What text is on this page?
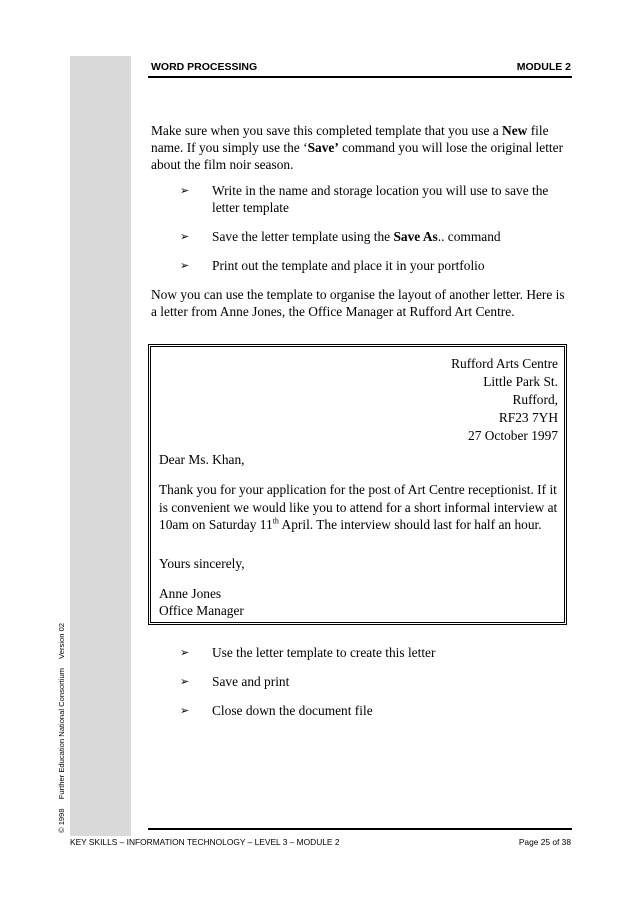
© 1998 Further Education National Consortium Version 02
WORD PROCESSING	MODULE 2
Make sure when you save this completed template that you use a New file name. If you simply use the ‘Save’ command you will lose the original letter about the film noir season.
➢ Write in the name and storage location you will use to save the letter template
➢ Save the letter template using the Save As.. command
➢ Print out the template and place it in your portfolio
Now you can use the template to organise the layout of another letter. Here is a letter from Anne Jones, the Office Manager at Rufford Art Centre.
Rufford Arts Centre
Little Park St.
Rufford,
RF23 7YH
27 October 1997
Dear Ms. Khan,
Thank you for your application for the post of Art Centre receptionist. If it is convenient we would like you to attend for a short informal interview at 10am on Saturday 11th April. The interview should last for half an hour.
Yours sincerely,
Anne Jones
Office Manager
➢ Use the letter template to create this letter
➢ Save and print
➢ Close down the document file
KEY SKILLS – INFORMATION TECHNOLOGY – LEVEL 3 – MODULE 2	Page 25 of 38
